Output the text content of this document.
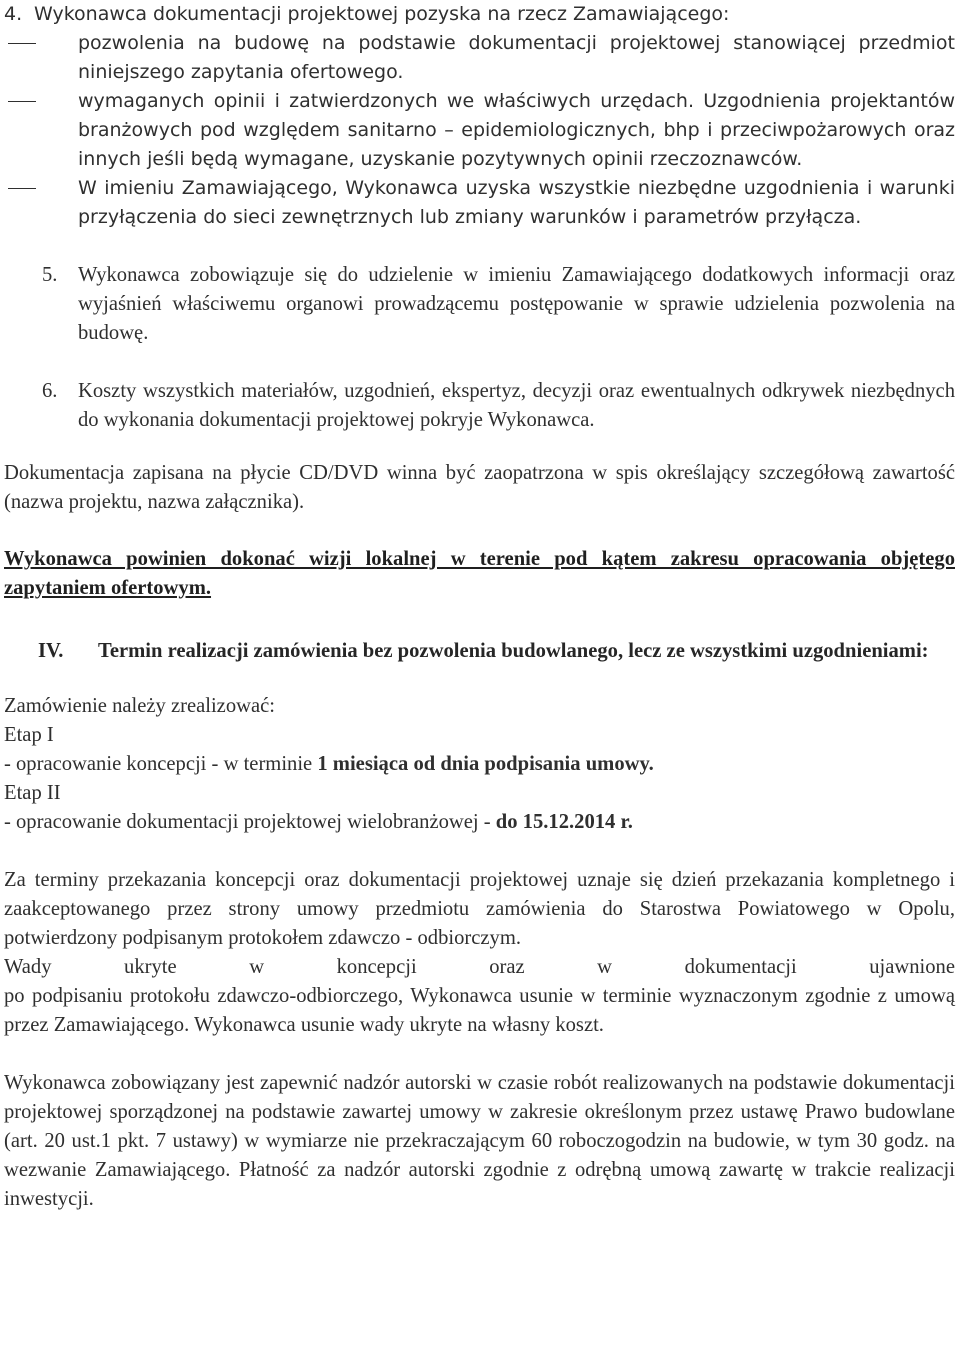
4. Wykonawca dokumentacji projektowej pozyska na rzecz Zamawiającego:

pozwolenia na budowę na podstawie dokumentacji projektowej stanowiącej przedmiot niniejszego zapytania ofertowego.

wymaganych opinii i zatwierdzonych we właściwych urzędach. Uzgodnienia projektantów branżowych pod względem sanitarno – epidemiologicznych, bhp i przeciwpożarowych oraz innych jeśli będą wymagane, uzyskanie pozytywnych opinii rzeczoznawców.

W imieniu Zamawiającego, Wykonawca uzyska wszystkie niezbędne uzgodnienia i warunki przyłączenia do sieci zewnętrznych lub zmiany warunków i parametrów przyłącza.

5. Wykonawca zobowiązuje się do udzielenie w imieniu Zamawiającego dodatkowych informacji oraz wyjaśnień właściwemu organowi prowadzącemu postępowanie w sprawie udzielenia pozwolenia na budowę.

6. Koszty wszystkich materiałów, uzgodnień, ekspertyz, decyzji oraz ewentualnych odkrywek niezbędnych do wykonania dokumentacji projektowej pokryje Wykonawca.

Dokumentacja zapisana na płycie CD/DVD winna być zaopatrzona w spis określający szczegółową zawartość (nazwa projektu, nazwa załącznika).

Wykonawca powinien dokonać wizji lokalnej w terenie pod kątem zakresu opracowania objętego zapytaniem ofertowym.

IV. Termin realizacji zamówienia bez pozwolenia budowlanego, lecz ze wszystkimi uzgodnieniami:

Zamówienie należy zrealizować:

Etap I

- opracowanie koncepcji - w terminie 1 miesiąca od dnia podpisania umowy.

Etap II

- opracowanie dokumentacji projektowej wielobranżowej - do 15.12.2014 r.

Za terminy przekazania koncepcji oraz dokumentacji projektowej uznaje się dzień przekazania kompletnego i zaakceptowanego przez strony umowy przedmiotu zamówienia do Starostwa Powiatowego w Opolu, potwierdzony podpisanym protokołem zdawczo - odbiorczym.

Wady ukryte w koncepcji oraz w dokumentacji ujawnione

po podpisaniu protokołu zdawczo-odbiorczego, Wykonawca usunie w terminie wyznaczonym zgodnie z umową przez Zamawiającego. Wykonawca usunie wady ukryte na własny koszt.

Wykonawca zobowiązany jest zapewnić nadzór autorski w czasie robót realizowanych na podstawie dokumentacji projektowej sporządzonej na podstawie zawartej umowy w zakresie określonym przez ustawę Prawo budowlane (art. 20 ust.1 pkt. 7 ustawy) w wymiarze nie przekraczającym 60 roboczogodzin na budowie, w tym 30 godz. na wezwanie Zamawiającego. Płatność za nadzór autorski zgodnie z odrębną umową zawartę w trakcie realizacji inwestycji.
